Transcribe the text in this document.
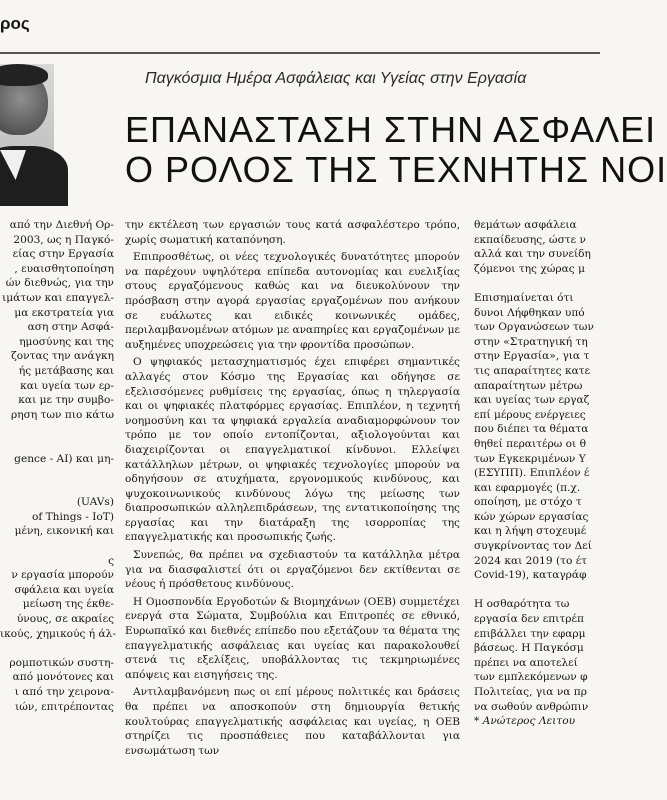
ρος
Παγκόσμια Ημέρα Ασφάλειας και Υγείας στην Εργασία
ΕΠΑΝΑΣΤΑΣΗ ΣΤΗΝ ΑΣΦΑΛΕΙ
Ο ΡΟΛΟΣ ΤΗΣ ΤΕΧΝΗΤΗΣ ΝΟΙ
από την Διεθνή Ορ-
2003, ως η Παγκό-
είας στην Εργασία
, ευαισθητοποίηση
ών διεθνώς, για την
ιμάτων και επαγγελ-
μα εκστρατεία για
αση στην Ασφά-
ημοσύνης και της
ζοντας την ανάγκη
ής μετάβασης και
και υγεία των ερ-
και με την συμβο-
ρηση των πιο κάτω

gence - AI) και μη-

(UAVs)
of Things - IoT)
μένη, εικονική και

ς
ν εργασία μπορούν
σφάλεια και υγεία
μείωση της έκθε-
ύνους, σε ακραίες
ικούς, χημικούς ή άλ-

ρομποτικών συστη-
από μονότονες και
ι από την χειρονα-
ιών, επιτρέποντας

την εκτέλεση των εργασιών τους κατά ασφαλέστερο τρόπο, χωρίς σωματική καταπόνηση.

Επιπροσθέτως, οι νέες τεχνολογικές δυνατότητες μπορούν να παρέχουν υψηλότερα επίπεδα αυτονομίας και ευελιξίας στους εργαζόμενους καθώς και να διευκολύνουν την πρόσβαση στην αγορά εργασίας εργαζομένων που ανήκουν σε ευάλωτες και ειδικές κοινωνικές ομάδες, περιλαμβανομένων ατόμων με αναπηρίες και εργαζομένων με αυξημένες υποχρεώσεις για την φροντίδα προσώπων.

Ο ψηφιακός μετασχηματισμός έχει επιφέρει σημαντικές αλλαγές στον Κόσμο της Εργασίας και οδήγησε σε εξελισσόμενες ρυθμίσεις της εργασίας, όπως η τηλεργασία και οι ψηφιακές πλατφόρμες εργασίας. Επιπλέον, η τεχνητή νοημοσύνη και τα ψηφιακά εργαλεία αναδιαμορφώνουν τον τρόπο με τον οποίο εντοπίζονται, αξιολογούνται και διαχειρίζονται οι επαγγελματικοί κίνδυνοι. Ελλείψει κατάλληλων μέτρων, οι ψηφιακές τεχνολογίες μπορούν να οδηγήσουν σε ατυχήματα, εργονομικούς κινδύνους, και ψυχοκοινωνικούς κινδύνους λόγω της μείωσης των διαπροσωπικών αλληλεπιδράσεων, της εντατικοποίησης της εργασίας και την διατάραξη της ισορροπίας της επαγγελματικής και προσωπικής ζωής.

Συνεπώς, θα πρέπει να σχεδιαστούν τα κατάλληλα μέτρα για να διασφαλιστεί ότι οι εργαζόμενοι δεν εκτίθενται σε νέους ή πρόσθετους κινδύνους.

Η Ομοσπονδία Εργοδοτών & Βιομηχάνων (ΟΕΒ) συμμετέχει ενεργά στα Σώματα, Συμβούλια και Επιτροπές σε εθνικό, Ευρωπαϊκό και διεθνές επίπεδο που εξετάζουν τα θέματα της επαγγελματικής ασφάλειας και υγείας και παρακολουθεί στενά τις εξελίξεις, υποβάλλοντας τις τεκμηριωμένες απόψεις και εισηγήσεις της.

Αντιλαμβανόμενη πως οι επί μέρους πολιτικές και δράσεις θα πρέπει να αποσκοπούν στη δημιουργία θετικής κουλτούρας επαγγελματικής ασφάλειας και υγείας, η ΟΕΒ στηρίζει τις προσπάθειες που καταβάλλονται για ενσωμάτωση των

θεμάτων ασφάλεια
εκπαίδευσης, ώστε ν
αλλά και την συνείδη
ζόμενοι της χώρας μ

Επισημαίνεται ότι
δυνοι Λήφθηκαν υπό
των Οργανώσεων των
στην «Στρατηγική τη
στην Εργασία», για τ
τις απαραίτητες κατε
απαραίτητων μέτρω
και υγείας των εργαζ
επί μέρους ενέργειες
που διέπει τα θέματα
θηθεί περαιτέρω οι θ
των Εγκεκριμένων Υ
(ΕΣΥΠΠ). Επιπλέον έ
και εφαρμογές (π.χ.
οποίηση, με στόχο τ
κών χώρων εργασίας
και η λήψη στοχευμέ
συγκρίνοντας τον Δεί
2024 και 2019 (το έτ
Covid-19), καταγράφ

Η οσθαρότητα τω
εργασία δεν επιτρέπ
επιβάλλει την εφαρμ
βάσεως. Η Παγκόσμ
πρέπει να αποτελεί
των εμπλεκόμενων φ
Πολιτείας, για να πρ
να σωθούν ανθρώπιν
* Ανώτερος Λειτου
